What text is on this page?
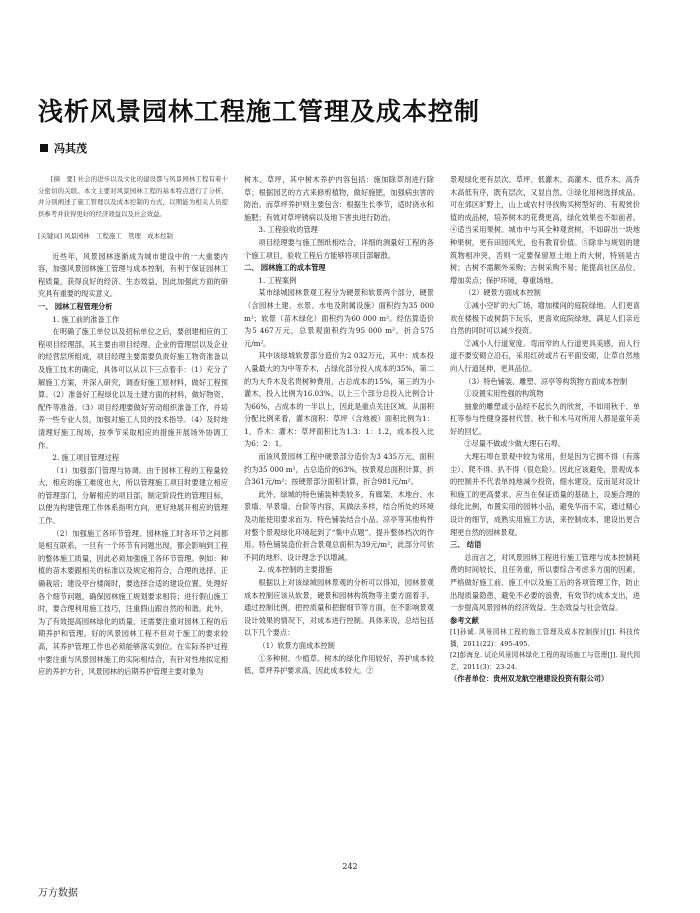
浅析风景园林工程施工管理及成本控制
冯其茂

[摘　要] 社会的进步以及文化的建设都与风景园林工程有着十分密切的关联。本文主要对风景园林工程的基本特点进行了分析，并分别阐述了施工管理以及成本控制的方式，以期能为相关人员提供参考并获得更好的经济效益以及社会效益。

[关键词] 风景园林　工程施工　管理　成本控制

近些年，风景园林逐渐成为城市建设中的一大重要内容，加强风景园林施工管理与成本控制，有利于保证园林工程质量，获得良好的经济、生态效益，因此加强此方面的研究具有重要的现实意义。

一、 园林工程管理分析

1. 施工前的准备工作

在明确了施工单位以及招标单位之后，要创建相应的工程项目经理部，其主要由项目经理、企业的管理层以及企业的经营层所组成，项目经理主要需要负责好施工物资准备以及施工技术的确定，具体可以从以下三点着手：（1）充分了解施工方案，并深入研究，调查好施工原材料，做好工程预算。（2）准备好工程绿化以及土建方面的材料，做好物资、配件等准备。（3）项目经理要做好劳动组织准备工作，并培养一些专业人员，加强对施工人员的技术指导。（4）及时地清理好施工现场，按季节采取相应的措施开展场外协调工作。

2. 施工项目管理过程

（1）加强部门管理与协调。由于园林工程的工程量较大，相应的施工难度也大，所以管理施工项目时要建立相应的管理部门，分解相应的项目部，制定阶段性的管理目标，以便为构建管理工作体系指明方向，更好地展开相应的管理工作。

（2）加强施工各环节管理。园林施工时各环节之间都是相互联系，一旦有一个环节有问题出现，都会影响到工程的整体施工质量，因此必须加强施工各环节管理。例如：种植的苗木要跟相关的标准以及规定相符合，合理的选择、正确栽培；建设亭台楼阁时，要选择合适的建设位置，处理好各个细节问题，确保园林施工规划要求相符；进行假山施工时，要合理利用施工技巧，注重假山跟自然的和谐。此外，为了有效提高园林绿化的质量，还需要注重对园林工程的后期养护和管理。好的风景园林工程不但对于施工的要求较高，其养护管理工作也必须能够落实到位。在实际养护过程中要注重与风景园林施工的实际相结合，有针对性地拟定相应的养护方针，风景园林的后期养护管理主要对象为

树木、草坪，其中树木养护内容包括：施加除草剂进行除草；根据园艺的方式来修剪植物，做好施肥，加强病虫害的防治。而草坪养护则主要包含：根据生长季节，适时浇水和施肥；有效对草坪锈病以及地下害虫进行防治。

3. 工程验收的管理

项目经理要与施工图纸相结合，详细的测量好工程的各个施工项目，验收工程后方能够将项目部解散。

二、 园林施工的成本管理

1. 工程案例

某市绿城园林景观工程分为硬景和软景两个部分，硬景（含园林土建、水景、水电及附属设施）面积约为35 000 m²；软景（苗木绿化）面积约为60 000 m²。经估算造价为5 467万元，总景观面积约为95 000 m²，折合575元/m²。

其中该绿城软景部分造价为2 032万元，其中：成本投入量最大的为中等乔木，占绿化部分投入成本的35%，第二的为大乔木及名贵树种费用，占总成本的15%，第三的为小灌木，投入比例为16.03%。以上三个部分总投入比例合计为66%，占成本的一半以上，因此是重点关注区域。从面积分配比例来看，灌木面积：草坪（含地被）面积比例为1：1，乔木：灌木：草坪面积比为1.3：1：1.2，成本投入比为6：2：1。

而该风景园林工程中硬景部分造价为3 435万元，面积约为35 000 m²，占总造价的63%，按景观总面积计算，折合361元/m²；按硬景部分面积计算，折合981元/m²。

此外，绿城的特色铺装种类较多，有廊架、木地台、水景墙、旱景墙、台阶等内容，其做法多样，结合所处的环境及功能使用要求而为。特色铺装结合小品、凉亭等其他构件对整个景观绿化环境起到了“集中点题”、提升整体档次的作用。特色铺装造价折合景观总面积为39元/m²，此部分可依不同的地形、设计理念予以增减。

2. 成本控制的主要措施

根据以上对该绿城园林景观的分析可以得知，园林景观成本控制应该从软景，硬景和园林构筑物等主要方面着手，通过控制比例，把控质量和把握细节等方面，在不影响景观设计效果的情况下，对成本进行控制。具体来说，总结包括以下几个要点：

（1）软景方面成本控制

①多种树、少植草。树木的绿化作用较好，养护成本较低，草坪养护要求高，因此成本较大。②

景观绿化更有层次。草坪、低灌木、高灌木、低乔木、高乔木高低有序，既有层次，又显自然。③绿化用树选择成品。可在郊区旷野上，山上或农村寻找购买树型好的、有观赏价值的成品树，培养树木的花费更高，绿化效果也不如前者。④适当采用果树。城市中与其全种观赏树，不如辟出一块地种果树，更有田园风光，也有教育价值。⑤除非与规划的建筑物相冲突，否则一定要保留原土地上的大树，特别是古树；古树不需额外采购；古树采购不易；能提高社区品位、增加卖点；保护环境，尊重场地。

（2）硬景方面成本控制

①减小空旷的大广场，增加楼间的庭院绿地。人们更喜欢在楼极下或树荫下玩乐，更喜欢庭院绿地，满足人们亲近自然的同时可以减少投资。

②减小人行道宽度。弯而窄的人行道更具美感，而人行道不要安砌立沿石，采用红砖或片石平面安砌，让草自然地向人行道延伸，更具品位。

（3）特色铺装、雕塑、凉亭等构筑物方面成本控制

①设置实用性强的构筑物

抽象的雕塑或小品经不起长久的欣赏，不如用秋千、单杠等参与性健身器材代替。秋千和木马对所用人都是童年美好的回忆。

②尽量不做或少做大理石石埠。

大理石埠在景观中较为常用，但是因为它拥不得（有落尘）、爬不得、扒不得（很危险）。因此应该避免，景观成本的控制并不代表单纯地减少投资，细水建设，反而是对设计和施工的更高要求。应当在保证质量的基础上，设施合理的绿化比例，布置实用的园林小品，避免华而不实，通过精心设计的细节，成熟实用施工方法，来控制成本，建设出更合理更自然的园林景观。

三、 结语

总而言之，对风景园林工程进行施工管理与成本控制耗费的时间较长，且任务重，所以要综合考虑多方面的因素，严格做好施工前、施工中以及施工后的各项管理工作，防止出现质量隐患，避免不必要的浪费，有效节约成本支出，进一步提高风景园林的经济效益、生态效益与社会效益。

参考文献

[1]孙诚. 风景园林工程的施工管理及成本控制探讨[J]. 科技传播，2011(22)：495-495.

[2]彭海龙. 试论风景园林绿化工程的现场施工与管理[J]. 现代园艺，2011(3)：23-24.

（作者单位：贵州双龙航空港建设投资有限公司）

242
万方数据
